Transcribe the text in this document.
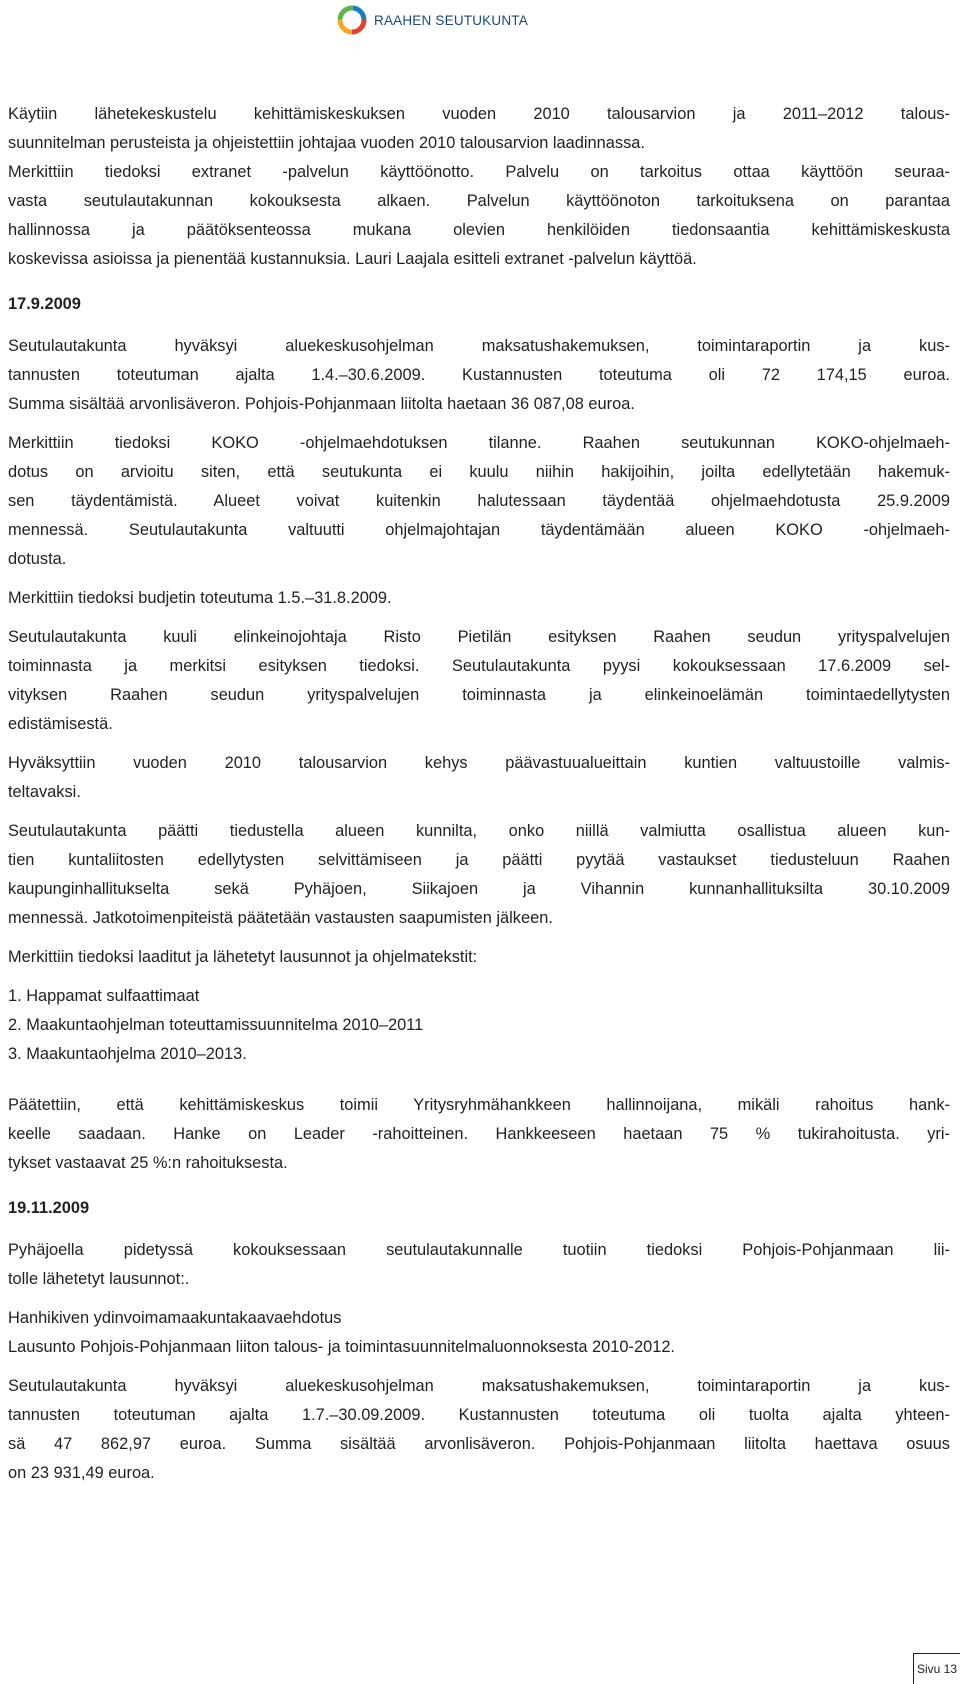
RAAHEN SEUTUKUNTA

Käytiin lähetekeskustelu kehittämiskeskuksen vuoden 2010 talousarvion ja 2011–2012 talous-
suunnitelman perusteista ja ohjeistettiin johtajaa vuoden 2010 talousarvion laadinnassa.
Merkittiin tiedoksi extranet -palvelun käyttöönotto. Palvelu on tarkoitus ottaa käyttöön seuraa-
vasta seutulautakunnan kokouksesta alkaen. Palvelun käyttöönoton tarkoituksena on parantaa
hallinnossa ja päätöksenteossa mukana olevien henkilöiden tiedonsaantia kehittämiskeskusta
koskevissa asioissa ja pienentää kustannuksia. Lauri Laajala esitteli extranet -palvelun käyttöä.

17.9.2009

Seutulautakunta hyväksyi aluekeskusohjelman maksatushakemuksen, toimintaraportin ja kus-
tannusten toteutuman ajalta 1.4.–30.6.2009. Kustannusten toteutuma oli 72 174,15 euroa.
Summa sisältää arvonlisäveron. Pohjois-Pohjanmaan liitolta haetaan 36 087,08 euroa.

Merkittiin tiedoksi KOKO -ohjelmaehdotuksen tilanne. Raahen seutukunnan KOKO-ohjelmaeh-
dotus on arvioitu siten, että seutukunta ei kuulu niihin hakijoihin, joilta edellytetään hakemuk-
sen täydentämistä. Alueet voivat kuitenkin halutessaan täydentää ohjelmaehdotusta 25.9.2009
mennessä. Seutulautakunta valtuutti ohjelmajohtajan täydentämään alueen KOKO -ohjelmaeh-
dotusta.

Merkittiin tiedoksi budjetin toteutuma 1.5.–31.8.2009.

Seutulautakunta kuuli elinkeinojohtaja Risto Pietilän esityksen Raahen seudun yrityspalvelujen
toiminnasta ja merkitsi esityksen tiedoksi. Seutulautakunta pyysi kokouksessaan 17.6.2009 sel-
vityksen Raahen seudun yrityspalvelujen toiminnasta ja elinkeinoelämän toimintaedellytysten
edistämisestä.

Hyväksyttiin vuoden 2010 talousarvion kehys päävastuualueittain kuntien valtuustoille valmis-
teltavaksi.

Seutulautakunta päätti tiedustella alueen kunnilta, onko niillä valmiutta osallistua alueen kun-
tien kuntaliitosten edellytysten selvittämiseen ja päätti pyytää vastaukset tiedusteluun Raahen
kaupunginhallitukselta sekä Pyhäjoen, Siikajoen ja Vihannin kunnanhallituksilta 30.10.2009
mennessä. Jatkotoimenpiteistä päätetään vastausten saapumisten jälkeen.

Merkittiin tiedoksi laaditut ja lähetetyt lausunnot ja ohjelmatekstit:

1. Happamat sulfaattimaat
2. Maakuntaohjelman toteuttamissuunnitelma 2010–2011
3. Maakuntaohjelma 2010–2013.

Päätettiin, että kehittämiskeskus toimii Yritysryhmähankkeen hallinnoijana, mikäli rahoitus hank-
keelle saadaan. Hanke on Leader -rahoitteinen. Hankkeeseen haetaan 75 % tukirahoitusta. yri-
tykset vastaavat 25 %:n rahoituksesta.

19.11.2009

Pyhäjoella pidetyssä kokouksessaan seutulautakunnalle tuotiin tiedoksi Pohjois-Pohjanmaan lii-
tolle lähetetyt lausunnot:.

Hanhikiven ydinvoimamaakuntakaavaehdotus
Lausunto Pohjois-Pohjanmaan liiton talous- ja toimintasuunnitelmaluonnoksesta 2010-2012.

Seutulautakunta hyväksyi aluekeskusohjelman maksatushakemuksen, toimintaraportin ja kus-
tannusten toteutuman ajalta 1.7.–30.09.2009. Kustannusten toteutuma oli tuolta ajalta yhteen-
sä 47 862,97 euroa. Summa sisältää arvonlisäveron. Pohjois-Pohjanmaan liitolta haettava osuus
on 23 931,49 euroa.

Sivu 13
